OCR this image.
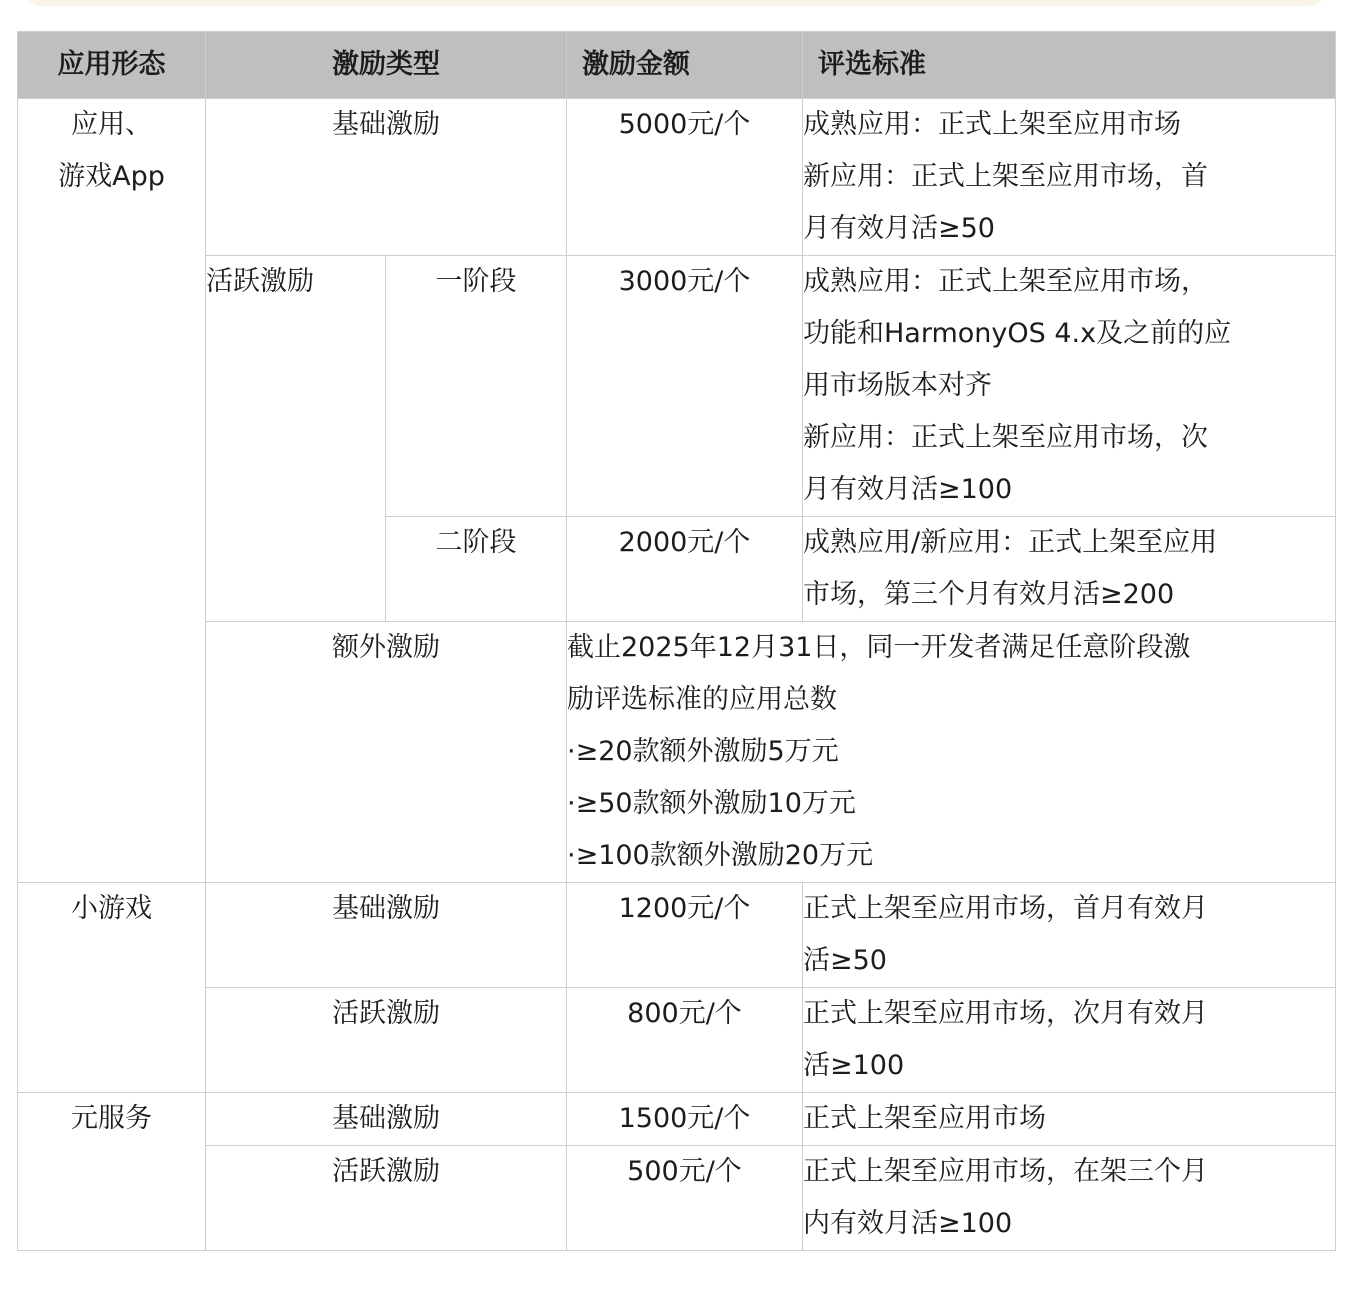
应用形态	激励类型		激励金额	评选标准

应用、
游戏App	基础激励		5000元/个	成熟应用：正式上架至应用市场
新应用：正式上架至应用市场，首
月有效月活≥50

	活跃激励	一阶段	3000元/个	成熟应用：正式上架至应用市场，
功能和HarmonyOS 4.x及之前的应
用市场版本对齐
新应用：正式上架至应用市场，次
月有效月活≥100

		二阶段	2000元/个	成熟应用/新应用：正式上架至应用
市场，第三个月有效月活≥200

	额外激励		截止2025年12月31日，同一开发者满足任意阶段激
励评选标准的应用总数
·≥20款额外激励5万元
·≥50款额外激励10万元
·≥100款额外激励20万元	

小游戏	基础激励		1200元/个	正式上架至应用市场，首月有效月
活≥50

	活跃激励		800元/个	正式上架至应用市场，次月有效月
活≥100

元服务	基础激励		1500元/个	正式上架至应用市场

	活跃激励		500元/个	正式上架至应用市场，在架三个月
内有效月活≥100
